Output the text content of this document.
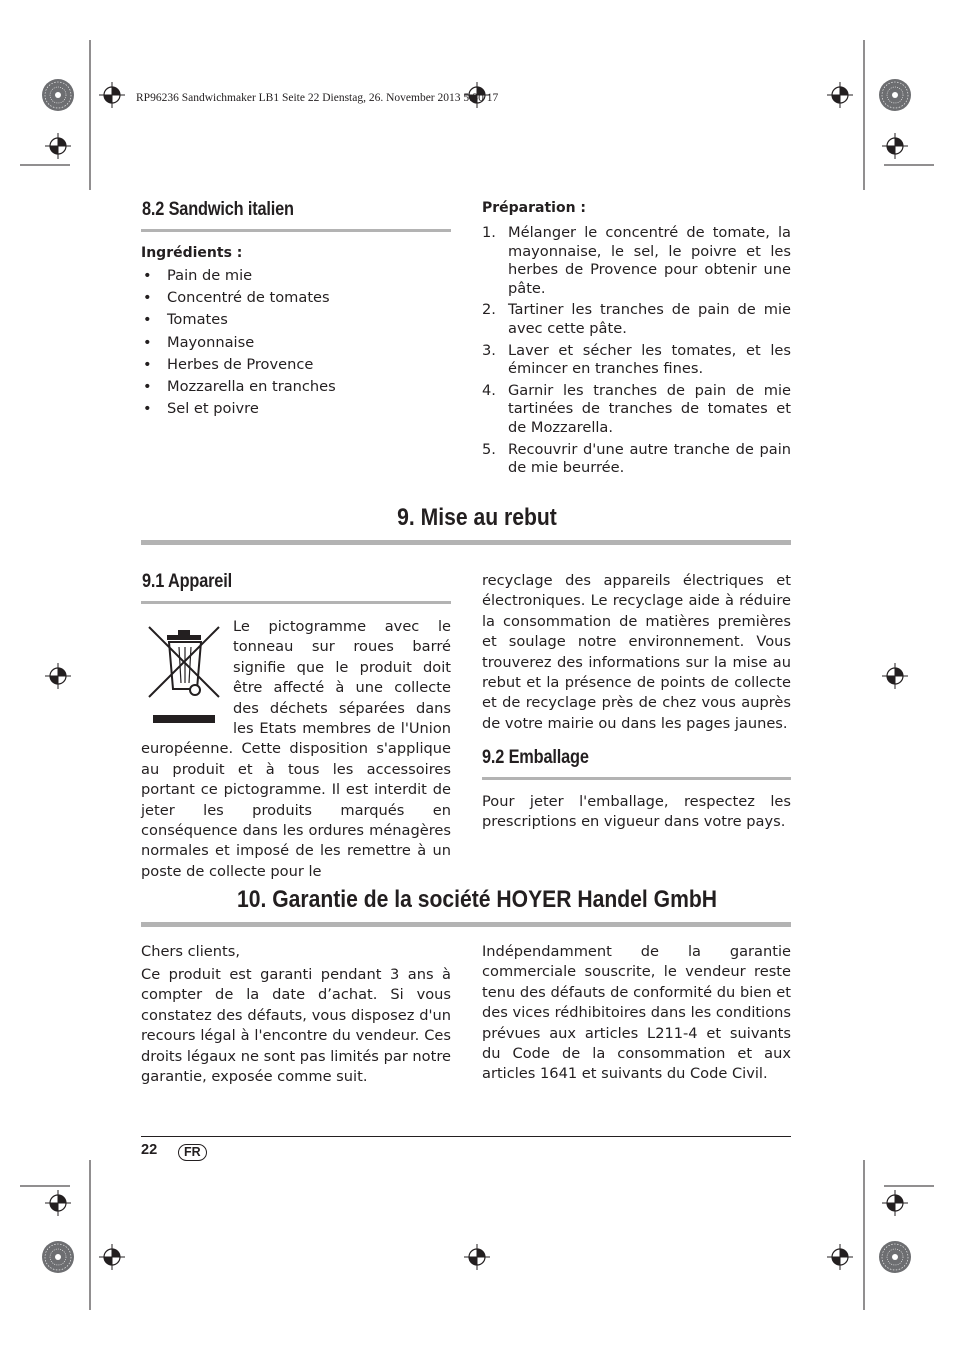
RP96236 Sandwichmaker LB1 Seite 22 Dienstag, 26. November 2013 5:30 17
8.2 Sandwich italien
Ingrédients :
• Pain de mie
• Concentré de tomates
• Tomates
• Mayonnaise
• Herbes de Provence
• Mozzarella en tranches
• Sel et poivre
Préparation :
1. Mélanger le concentré de tomate, la mayonnaise, le sel, le poivre et les herbes de Provence pour obtenir une pâte.
2. Tartiner les tranches de pain de mie avec cette pâte.
3. Laver et sécher les tomates, et les émincer en tranches fines.
4. Garnir les tranches de pain de mie tartinées de tranches de tomates et de Mozzarella.
5. Recouvrir d'une autre tranche de pain de mie beurrée.
9. Mise au rebut
9.1 Appareil

Le pictogramme avec le tonneau sur roues barré signifie que le produit doit être affecté à une collecte des déchets séparées dans les Etats membres de l'Union européenne. Cette disposition s'applique au produit et à tous les accessoires portant ce pictogramme. Il est interdit de jeter les produits marqués en conséquence dans les ordures ménagères normales et imposé de les remettre à un poste de collecte pour le

recyclage des appareils électriques et électroniques. Le recyclage aide à réduire la consommation de matières premières et soulage notre environnement. Vous trouverez des informations sur la mise au rebut et la présence de points de collecte et de recyclage près de chez vous auprès de votre mairie ou dans les pages jaunes.
9.2 Emballage
Pour jeter l'emballage, respectez les prescriptions en vigueur dans votre pays.
10. Garantie de la société HOYER Handel GmbH
Chers clients,
Ce produit est garanti pendant 3 ans à compter de la date d’achat. Si vous constatez des défauts, vous disposez d'un recours légal à l'encontre du vendeur. Ces droits légaux ne sont pas limités par notre garantie, exposée comme suit.
Indépendamment de la garantie commerciale souscrite, le vendeur reste tenu des défauts de conformité du bien et des vices rédhibitoires dans les conditions prévues aux articles L211-4 et suivants du Code de la consommation et aux articles 1641 et suivants du Code Civil.
22	FR
